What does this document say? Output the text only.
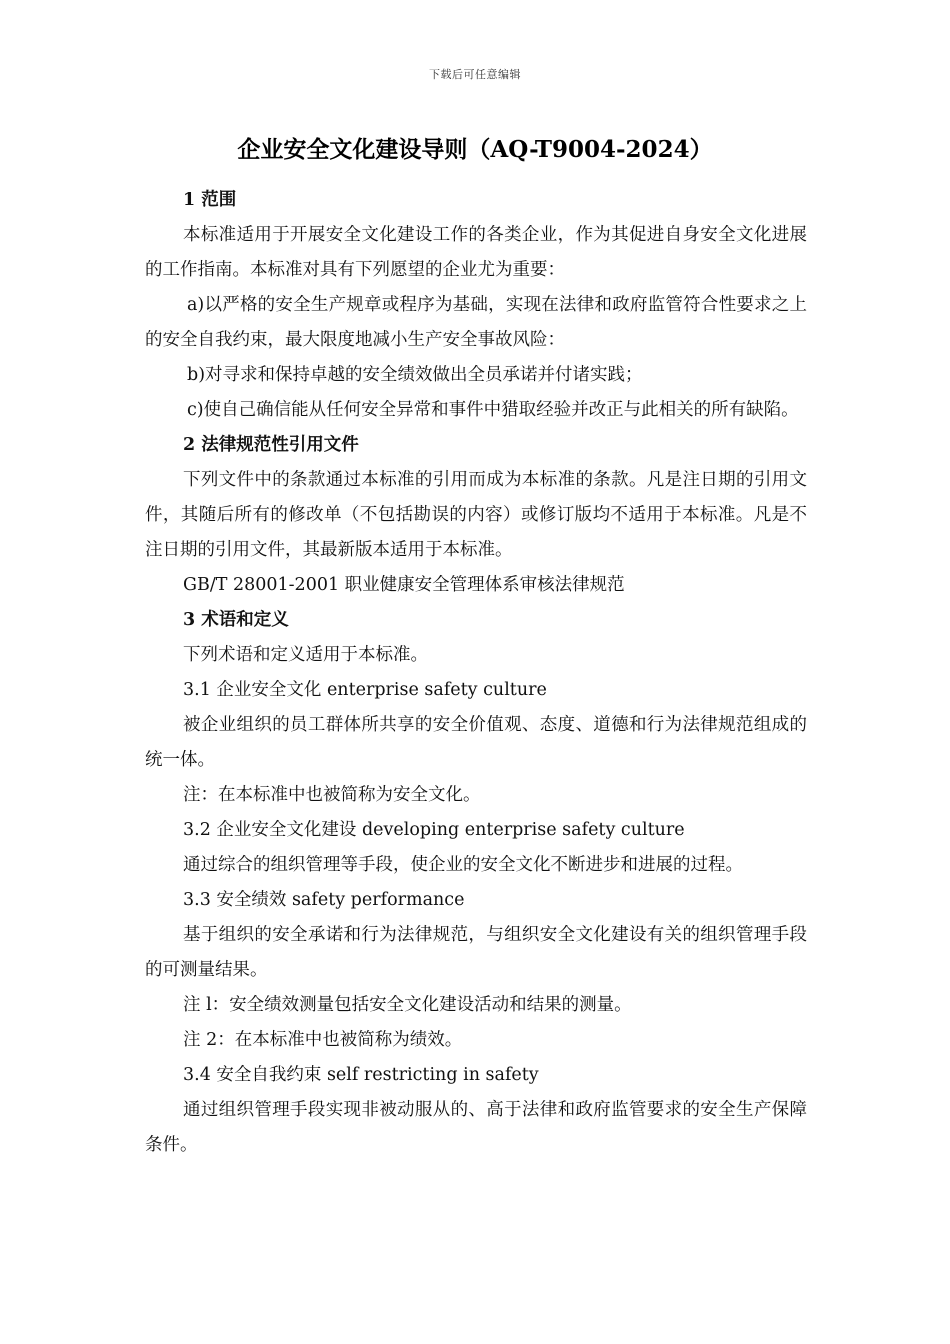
下载后可任意编辑
企业安全文化建设导则（AQ-T9004-2024）

1 范围

本标准适用于开展安全文化建设工作的各类企业，作为其促进自身安全文化进展的工作指南。本标准对具有下列愿望的企业尤为重要：

a)以严格的安全生产规章或程序为基础，实现在法律和政府监管符合性要求之上的安全自我约束，最大限度地减小生产安全事故风险：

b)对寻求和保持卓越的安全绩效做出全员承诺并付诸实践；

c)使自己确信能从任何安全异常和事件中猎取经验并改正与此相关的所有缺陷。

2 法律规范性引用文件

下列文件中的条款通过本标准的引用而成为本标准的条款。凡是注日期的引用文件，其随后所有的修改单（不包括勘误的内容）或修订版均不适用于本标准。凡是不注日期的引用文件，其最新版本适用于本标准。

GB/T 28001-2001 职业健康安全管理体系审核法律规范

3 术语和定义

下列术语和定义适用于本标准。

3.1 企业安全文化 enterprise safety culture

被企业组织的员工群体所共享的安全价值观、态度、道德和行为法律规范组成的统一体。

注：在本标准中也被简称为安全文化。

3.2 企业安全文化建设 developing enterprise safety culture

通过综合的组织管理等手段，使企业的安全文化不断进步和进展的过程。

3.3 安全绩效 safety performance

基于组织的安全承诺和行为法律规范，与组织安全文化建设有关的组织管理手段的可测量结果。

注 l：安全绩效测量包括安全文化建设活动和结果的测量。

注 2：在本标准中也被简称为绩效。

3.4 安全自我约束 self restricting in safety

通过组织管理手段实现非被动服从的、高于法律和政府监管要求的安全生产保障条件。
